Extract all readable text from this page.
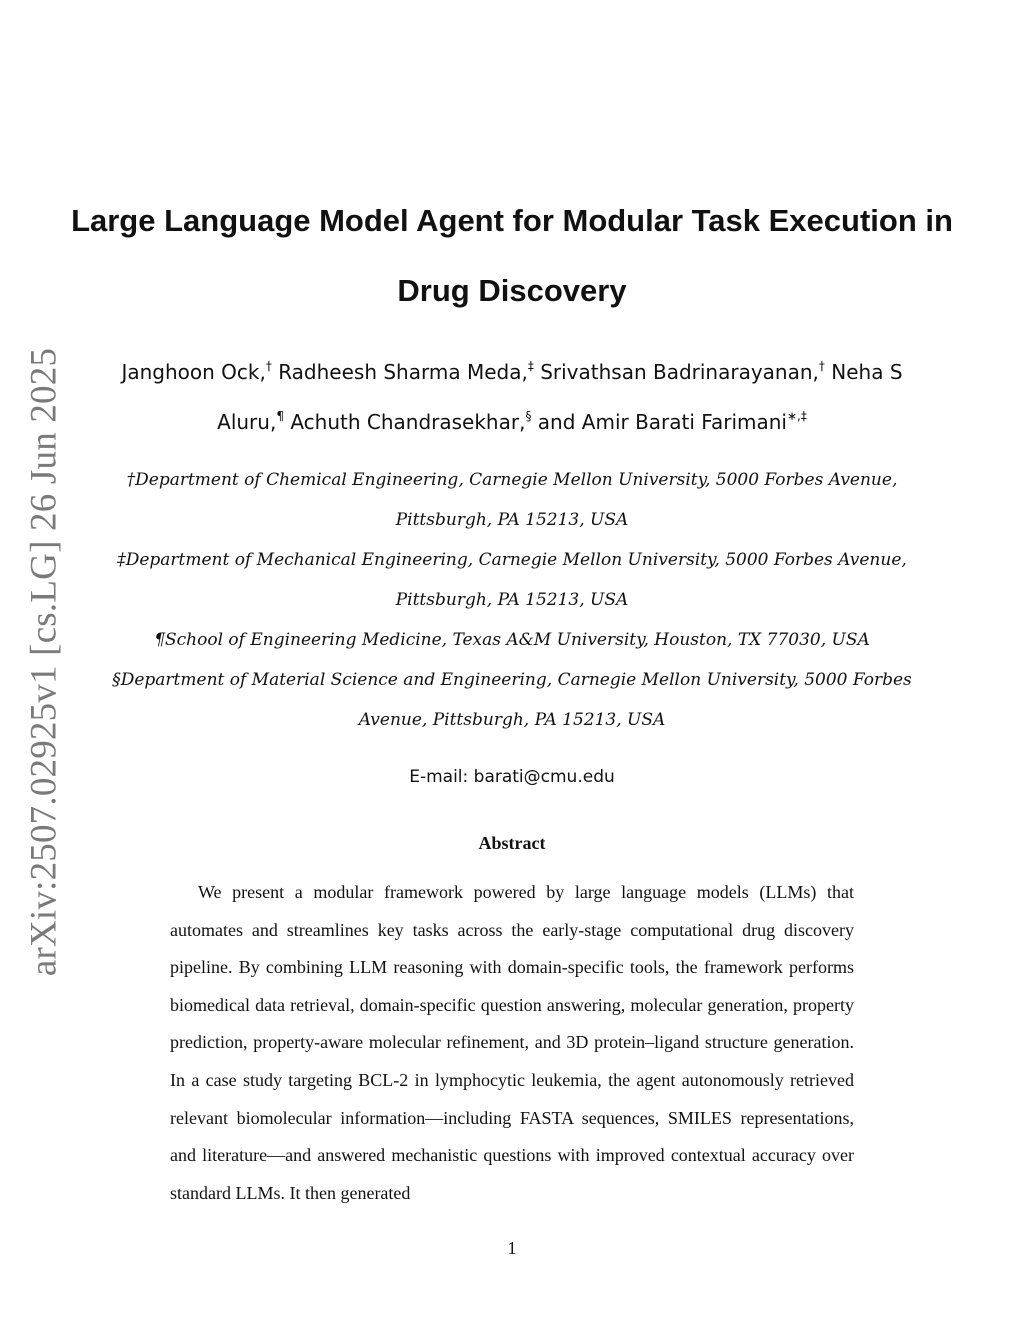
arXiv:2507.02925v1 [cs.LG] 26 Jun 2025
Large Language Model Agent for Modular Task Execution in Drug Discovery
Janghoon Ock,† Radheesh Sharma Meda,‡ Srivathsan Badrinarayanan,† Neha S Aluru,¶ Achuth Chandrasekhar,§ and Amir Barati Farimani∗,‡
†Department of Chemical Engineering, Carnegie Mellon University, 5000 Forbes Avenue, Pittsburgh, PA 15213, USA
‡Department of Mechanical Engineering, Carnegie Mellon University, 5000 Forbes Avenue, Pittsburgh, PA 15213, USA
¶School of Engineering Medicine, Texas A&M University, Houston, TX 77030, USA
§Department of Material Science and Engineering, Carnegie Mellon University, 5000 Forbes Avenue, Pittsburgh, PA 15213, USA
E-mail: barati@cmu.edu
Abstract

We present a modular framework powered by large language models (LLMs) that automates and streamlines key tasks across the early-stage computational drug discovery pipeline. By combining LLM reasoning with domain-specific tools, the framework performs biomedical data retrieval, domain-specific question answering, molecular generation, property prediction, property-aware molecular refinement, and 3D protein–ligand structure generation. In a case study targeting BCL-2 in lymphocytic leukemia, the agent autonomously retrieved relevant biomolecular information—including FASTA sequences, SMILES representations, and literature—and answered mechanistic questions with improved contextual accuracy over standard LLMs. It then generated

1
